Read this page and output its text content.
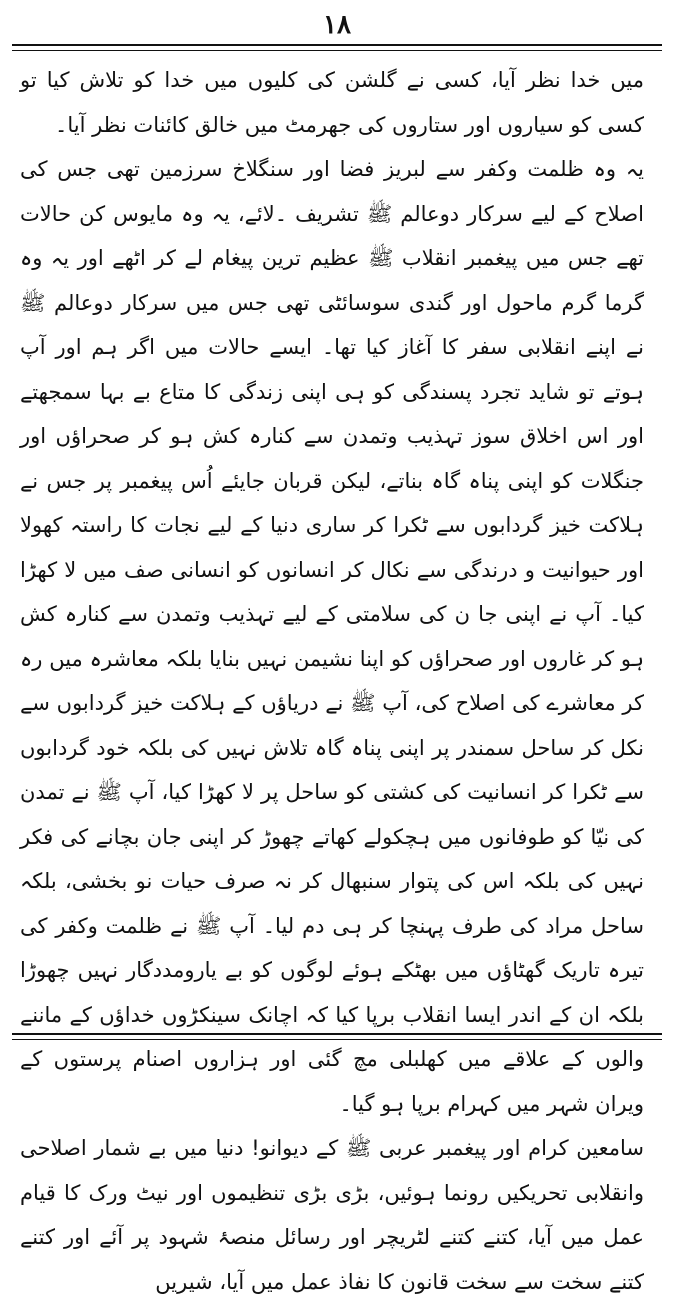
۱۸

میں خدا نظر آیا، کسی نے گلشن کی کلیوں میں خدا کو تلاش کیا تو کسی کو سیاروں اور ستاروں کی جھرمٹ میں خالق کائنات نظر آیا۔

یہ وہ ظلمت وکفر سے لبریز فضا اور سنگلاخ سرزمین تھی جس کی اصلاح کے لیے سرکار دوعالم ﷺ تشریف ۔لائے، یہ وہ مایوس کن حالات تھے جس میں پیغمبر انقلاب ﷺ عظیم ترین پیغام لے کر اٹھے اور یہ وہ گرما گرم ماحول اور گندی سوسائٹی تھی جس میں سرکار دوعالم ﷺ نے اپنے انقلابی سفر کا آغاز کیا تھا۔ ایسے حالات میں اگر ہم اور آپ ہوتے تو شاید تجرد پسندگی کو ہی اپنی زندگی کا متاع بے بہا سمجھتے اور اس اخلاق سوز تہذیب وتمدن سے کنارہ کش ہو کر صحراؤں اور جنگلات کو اپنی پناہ گاہ بناتے، لیکن قربان جایئے اُس پیغمبر پر جس نے ہلاکت خیز گردابوں سے ٹکرا کر ساری دنیا کے لیے نجات کا راستہ کھولا اور حیوانیت و درندگی سے نکال کر انسانوں کو انسانی صف میں لا کھڑا کیا۔ آپ نے اپنی جا ن کی سلامتی کے لیے تہذیب وتمدن سے کنارہ کش ہو کر غاروں اور صحراؤں کو اپنا نشیمن نہیں بنایا بلکہ معاشرہ میں رہ کر معاشرے کی اصلاح کی، آپ ﷺ نے دریاؤں کے ہلاکت خیز گردابوں سے نکل کر ساحل سمندر پر اپنی پناہ گاہ تلاش نہیں کی بلکہ خود گردابوں سے ٹکرا کر انسانیت کی کشتی کو ساحل پر لا کھڑا کیا، آپ ﷺ نے تمدن کی نیّا کو طوفانوں میں ہچکولے کھاتے چھوڑ کر اپنی جان بچانے کی فکر نہیں کی بلکہ اس کی پتوار سنبھال کر نہ صرف حیات نو بخشی، بلکہ ساحل مراد کی طرف پہنچا کر ہی دم لیا۔ آپ ﷺ نے ظلمت وکفر کی تیرہ تاریک گھٹاؤں میں بھٹکے ہوئے لوگوں کو بے یارومددگار نہیں چھوڑا بلکہ ان کے اندر ایسا انقلاب برپا کیا کہ اچانک سینکڑوں خداؤں کے ماننے والوں کے علاقے میں کھلبلی مچ گئی اور ہزاروں اصنام پرستوں کے ویران شہر میں کہرام برپا ہو گیا۔

سامعین کرام اور پیغمبر عربی ﷺ کے دیوانو! دنیا میں بے شمار اصلاحی وانقلابی تحریکیں رونما ہوئیں، بڑی بڑی تنظیموں اور نیٹ ورک کا قیام عمل میں آیا، کتنے کتنے لٹریچر اور رسائل منصۂ شہود پر آئے اور کتنے کتنے سخت سے سخت قانون کا نفاذ عمل میں آیا، شیریں
